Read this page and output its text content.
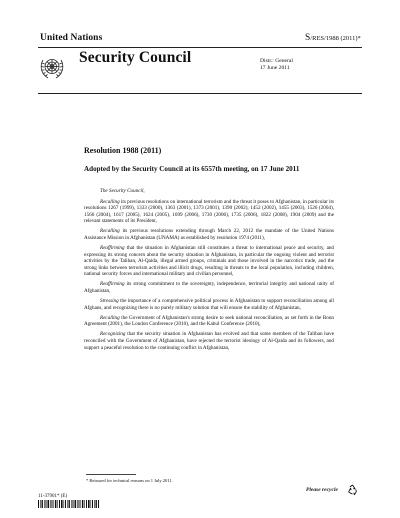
United Nations	S/RES/1988 (2011)*
Security Council	Distr.: General
17 June 2011
Resolution 1988 (2011)
Adopted by the Security Council at its 6557th meeting, on 17 June 2011

The Security Council,

Recalling its previous resolutions on international terrorism and the threat it poses to Afghanistan, in particular its resolutions 1267 (1999), 1333 (2000), 1363 (2001), 1373 (2001), 1390 (2002), 1452 (2002), 1455 (2003), 1526 (2004), 1566 (2004), 1617 (2005), 1624 (2005), 1699 (2006), 1730 (2006), 1735 (2006), 1822 (2008), 1904 (2009) and the relevant statements of its President,

Recalling its previous resolutions extending through March 22, 2012 the mandate of the United Nations Assistance Mission in Afghanistan (UNAMA) as established by resolution 1974 (2011),

Reaffirming that the situation in Afghanistan still constitutes a threat to international peace and security, and expressing its strong concern about the security situation in Afghanistan, in particular the ongoing violent and terrorist activities by the Taliban, Al-Qaida, illegal armed groups, criminals and those involved in the narcotics trade, and the strong links between terrorism activities and illicit drugs, resulting in threats to the local population, including children, national security forces and international military and civilian personnel,

Reaffirming its strong commitment to the sovereignty, independence, territorial integrity and national unity of Afghanistan,

Stressing the importance of a comprehensive political process in Afghanistan to support reconciliation among all Afghans, and recognizing there is no purely military solution that will ensure the stability of Afghanistan,

Recalling the Government of Afghanistan's strong desire to seek national reconciliation, as set forth in the Bonn Agreement (2001), the London Conference (2010), and the Kabul Conference (2010),

Recognizing that the security situation in Afghanistan has evolved and that some members of the Taliban have reconciled with the Government of Afghanistan, have rejected the terrorist ideology of Al-Qaida and its followers, and support a peaceful resolution to the continuing conflict in Afghanistan,

* Reissued for technical reasons on 1 July 2011.
11-37901* (E)
Please recycle
